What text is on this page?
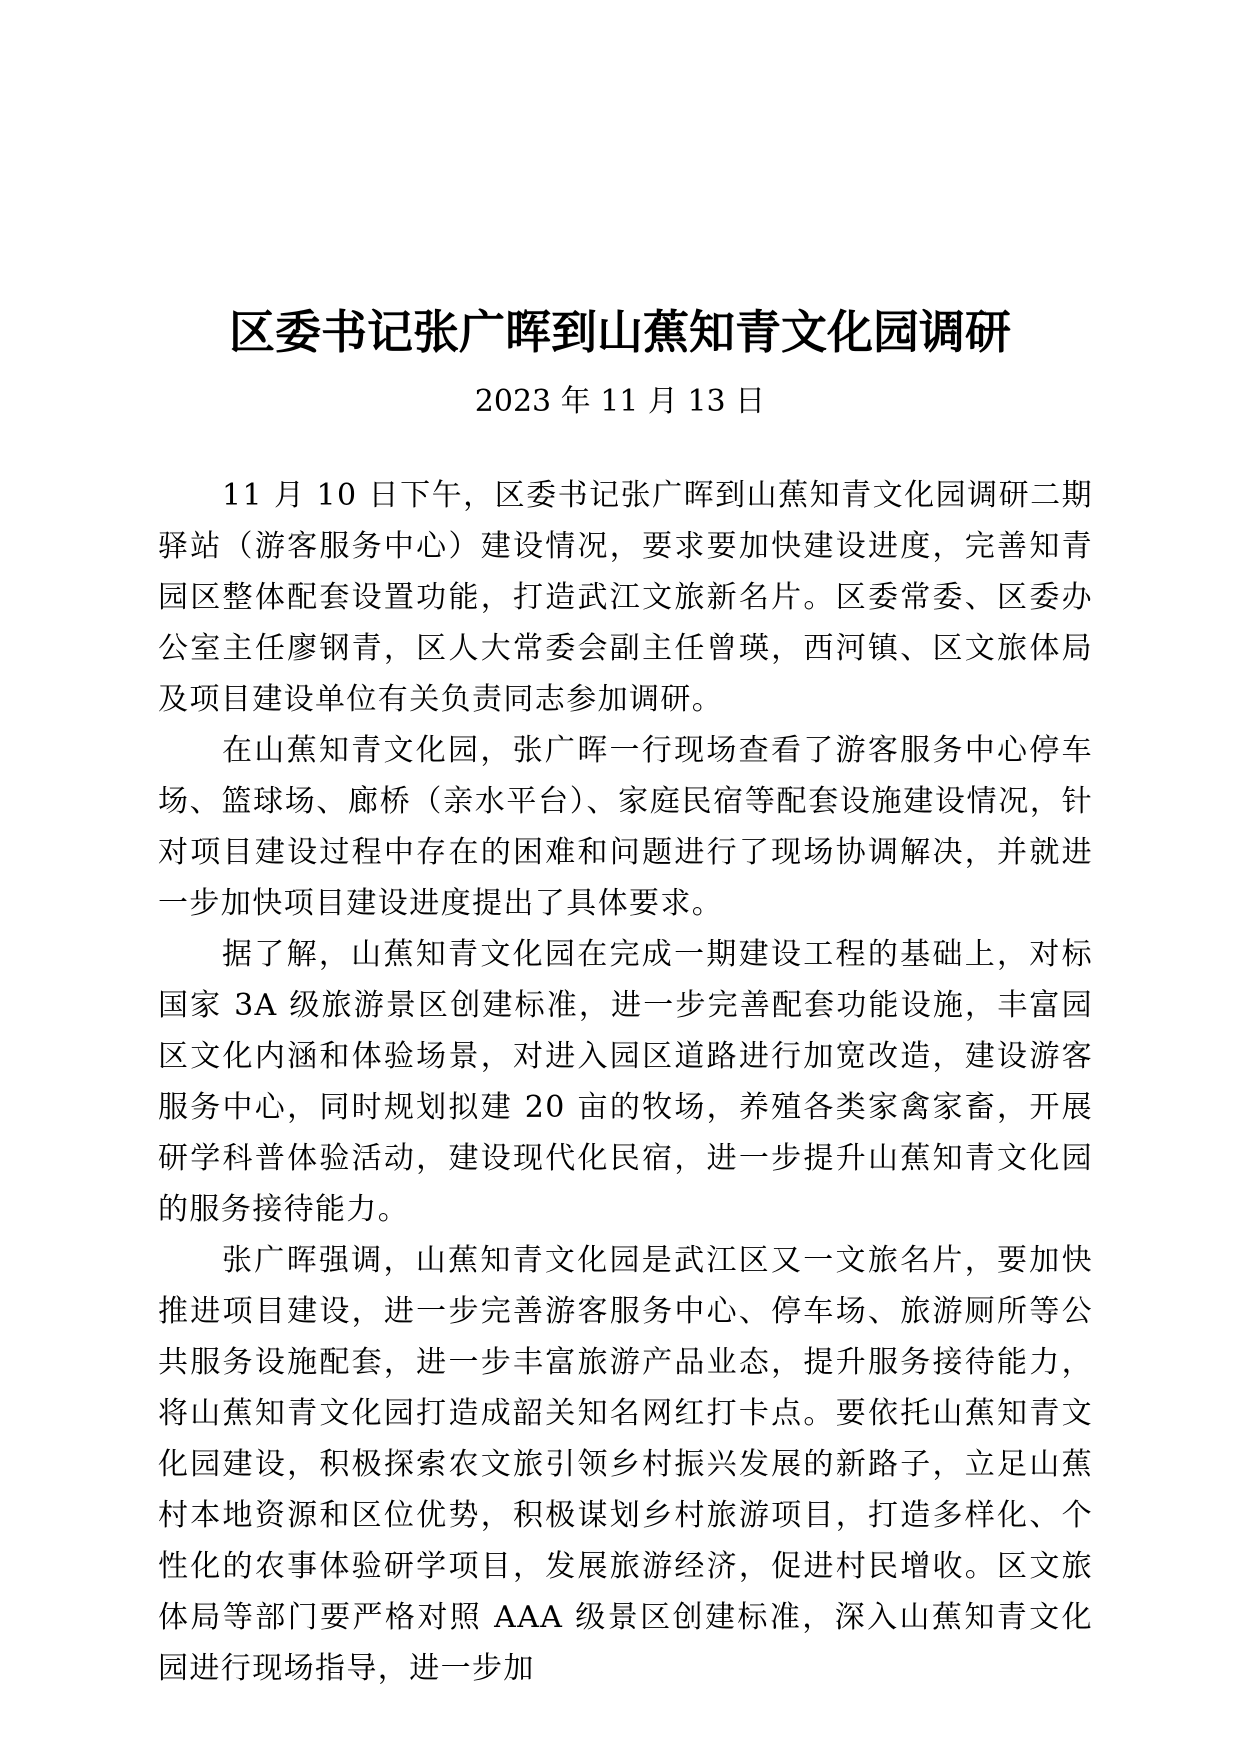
区委书记张广晖到山蕉知青文化园调研
2023 年 11 月 13 日

11 月 10 日下午，区委书记张广晖到山蕉知青文化园调研二期驿站（游客服务中心）建设情况，要求要加快建设进度，完善知青园区整体配套设置功能，打造武江文旅新名片。区委常委、区委办公室主任廖钢青，区人大常委会副主任曾瑛，西河镇、区文旅体局及项目建设单位有关负责同志参加调研。

在山蕉知青文化园，张广晖一行现场查看了游客服务中心停车场、篮球场、廊桥（亲水平台）、家庭民宿等配套设施建设情况，针对项目建设过程中存在的困难和问题进行了现场协调解决，并就进一步加快项目建设进度提出了具体要求。

据了解，山蕉知青文化园在完成一期建设工程的基础上，对标国家 3A 级旅游景区创建标准，进一步完善配套功能设施，丰富园区文化内涵和体验场景，对进入园区道路进行加宽改造，建设游客服务中心，同时规划拟建 20 亩的牧场，养殖各类家禽家畜，开展研学科普体验活动，建设现代化民宿，进一步提升山蕉知青文化园的服务接待能力。

张广晖强调，山蕉知青文化园是武江区又一文旅名片，要加快推进项目建设，进一步完善游客服务中心、停车场、旅游厕所等公共服务设施配套，进一步丰富旅游产品业态，提升服务接待能力，将山蕉知青文化园打造成韶关知名网红打卡点。要依托山蕉知青文化园建设，积极探索农文旅引领乡村振兴发展的新路子，立足山蕉村本地资源和区位优势，积极谋划乡村旅游项目，打造多样化、个性化的农事体验研学项目，发展旅游经济，促进村民增收。区文旅体局等部门要严格对照 AAA 级景区创建标准，深入山蕉知青文化园进行现场指导，进一步加
